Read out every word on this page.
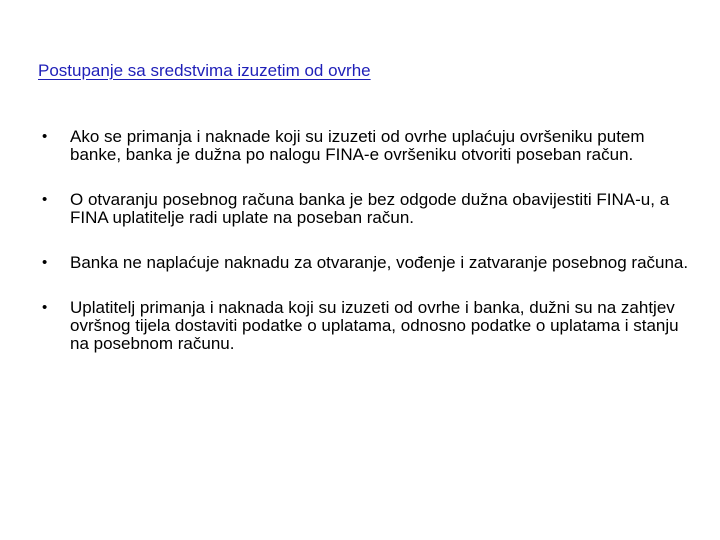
Postupanje sa sredstvima izuzetim od ovrhe
• Ako se primanja i naknade koji su izuzeti od ovrhe uplaćuju ovršeniku putem banke, banka je dužna po nalogu FINA-e ovršeniku otvoriti poseban račun.
• O otvaranju posebnog računa banka je bez odgode dužna obavijestiti FINA-u, a FINA uplatitelje radi uplate na poseban račun.
• Banka ne naplaćuje naknadu za otvaranje, vođenje i zatvaranje posebnog računa.
• Uplatitelj primanja i naknada koji su izuzeti od ovrhe i banka, dužni su na zahtjev ovršnog tijela dostaviti podatke o uplatama, odnosno podatke o uplatama i stanju na posebnom računu.
